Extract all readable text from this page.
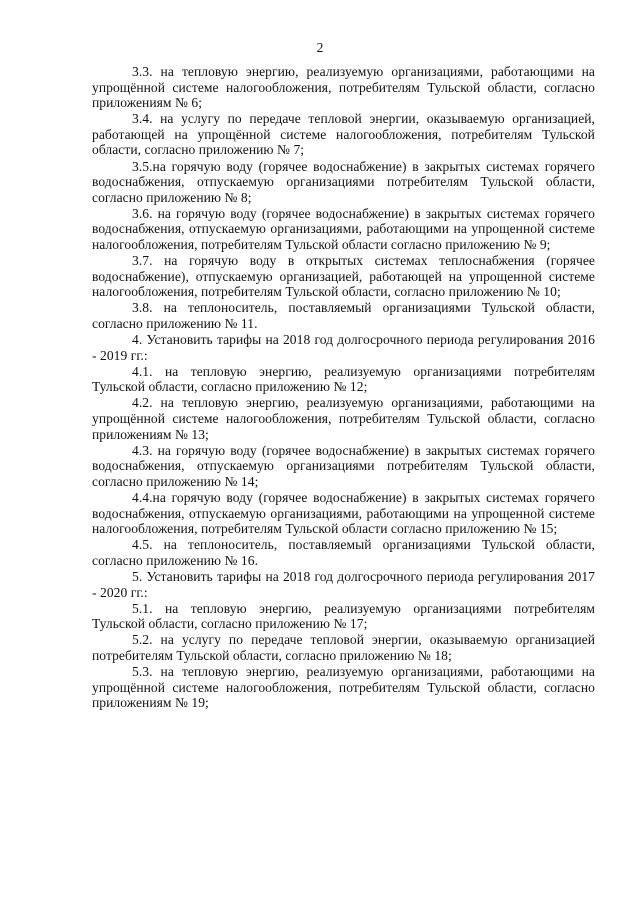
2

3.3. на тепловую энергию, реализуемую организациями, работающими на упрощённой системе налогообложения, потребителям Тульской области, согласно приложениям № 6;

3.4. на услугу по передаче тепловой энергии, оказываемую организацией, работающей на упрощённой системе налогообложения, потребителям Тульской области, согласно приложению № 7;

3.5.на горячую воду (горячее водоснабжение) в закрытых системах горячего водоснабжения, отпускаемую организациями потребителям Тульской области, согласно приложению № 8;

3.6. на горячую воду (горячее водоснабжение) в закрытых системах горячего водоснабжения, отпускаемую организациями, работающими на упрощенной системе налогообложения, потребителям Тульской области согласно приложению № 9;

3.7. на горячую воду в открытых системах теплоснабжения (горячее водоснабжение), отпускаемую организацией, работающей на упрощенной системе налогообложения, потребителям Тульской области, согласно приложению № 10;

3.8. на теплоноситель, поставляемый организациями Тульской области, согласно приложению № 11.

4. Установить тарифы на 2018 год долгосрочного периода регулирования 2016 - 2019 гг.:

4.1. на тепловую энергию, реализуемую организациями потребителям Тульской области, согласно приложению № 12;

4.2. на тепловую энергию, реализуемую организациями, работающими на упрощённой системе налогообложения, потребителям Тульской области, согласно приложениям № 13;

4.3. на горячую воду (горячее водоснабжение) в закрытых системах горячего водоснабжения, отпускаемую организациями потребителям Тульской области, согласно приложению № 14;

4.4.на горячую воду (горячее водоснабжение) в закрытых системах горячего водоснабжения, отпускаемую организациями, работающими на упрощенной системе налогообложения, потребителям Тульской области согласно приложению № 15;

4.5. на теплоноситель, поставляемый организациями Тульской области, согласно приложению № 16.

5. Установить тарифы на 2018 год долгосрочного периода регулирования 2017 - 2020 гг.:

5.1. на тепловую энергию, реализуемую организациями потребителям Тульской области, согласно приложению № 17;

5.2. на услугу по передаче тепловой энергии, оказываемую организацией потребителям Тульской области, согласно приложению № 18;

5.3. на тепловую энергию, реализуемую организациями, работающими на упрощённой системе налогообложения, потребителям Тульской области, согласно приложениям № 19;
